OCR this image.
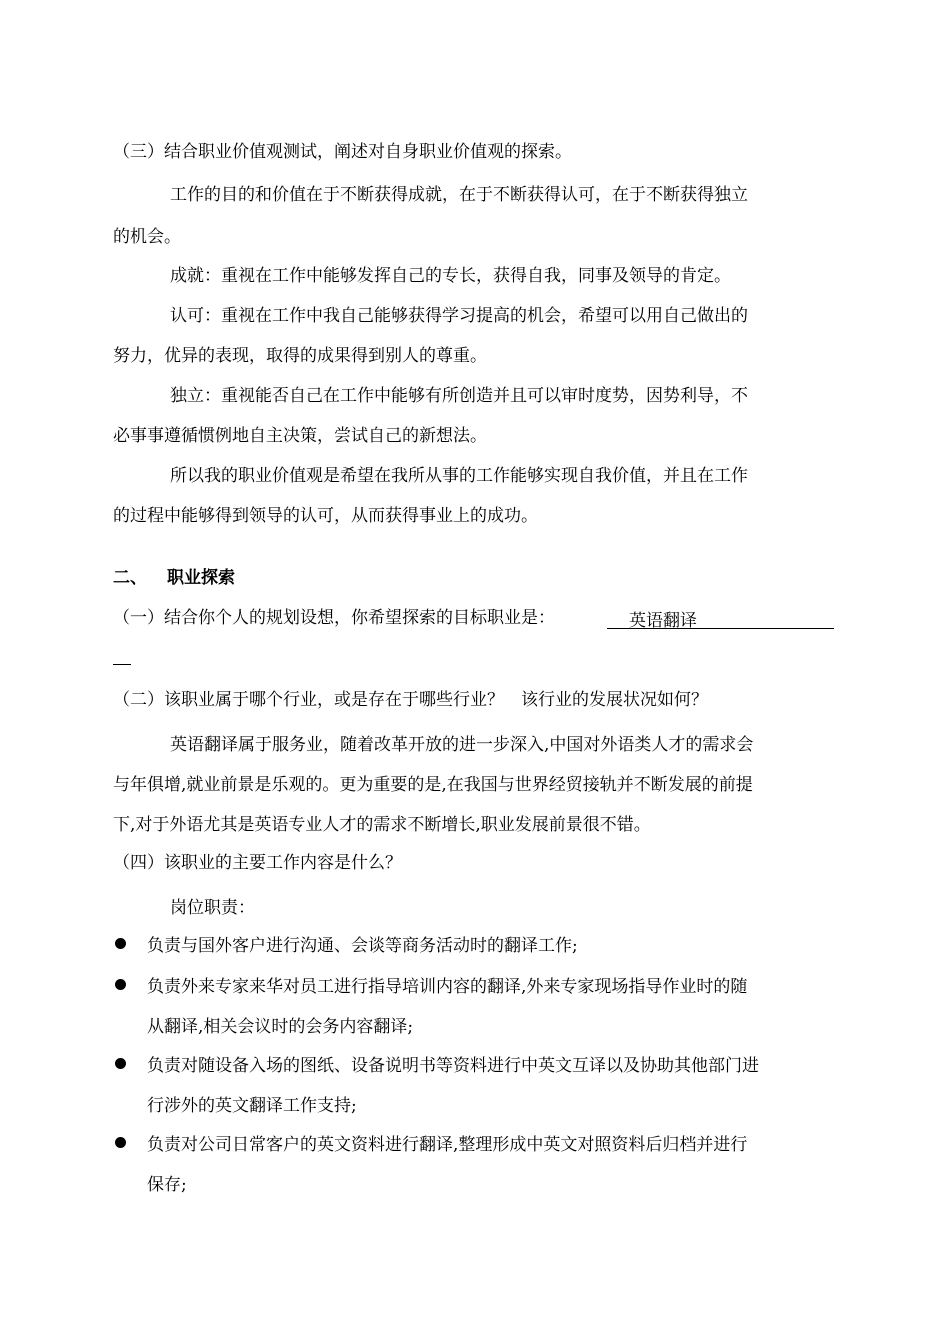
（三）结合职业价值观测试，阐述对自身职业价值观的探索。
工作的目的和价值在于不断获得成就，在于不断获得认可，在于不断获得独立
的机会。
成就：重视在工作中能够发挥自己的专长，获得自我，同事及领导的肯定。
认可：重视在工作中我自己能够获得学习提高的机会，希望可以用自己做出的
努力，优异的表现，取得的成果得到别人的尊重。
独立：重视能否自己在工作中能够有所创造并且可以审时度势，因势利导，不
必事事遵循惯例地自主决策，尝试自己的新想法。
所以我的职业价值观是希望在我所从事的工作能够实现自我价值，并且在工作
的过程中能够得到领导的认可，从而获得事业上的成功。
二、 职业探索
（一）结合你个人的规划设想，你希望探索的目标职业是：	英语翻译
（二）该职业属于哪个行业，或是存在于哪些行业？　该行业的发展状况如何？
英语翻译属于服务业，随着改革开放的进一步深入,中国对外语类人才的需求会
与年俱增,就业前景是乐观的。更为重要的是,在我国与世界经贸接轨并不断发展的前提
下,对于外语尤其是英语专业人才的需求不断增长,职业发展前景很不错。
（四）该职业的主要工作内容是什么？
岗位职责：
负责与国外客户进行沟通、会谈等商务活动时的翻译工作;
负责外来专家来华对员工进行指导培训内容的翻译,外来专家现场指导作业时的随
从翻译,相关会议时的会务内容翻译;
负责对随设备入场的图纸、设备说明书等资料进行中英文互译以及协助其他部门进
行涉外的英文翻译工作支持;
负责对公司日常客户的英文资料进行翻译,整理形成中英文对照资料后归档并进行
保存;
